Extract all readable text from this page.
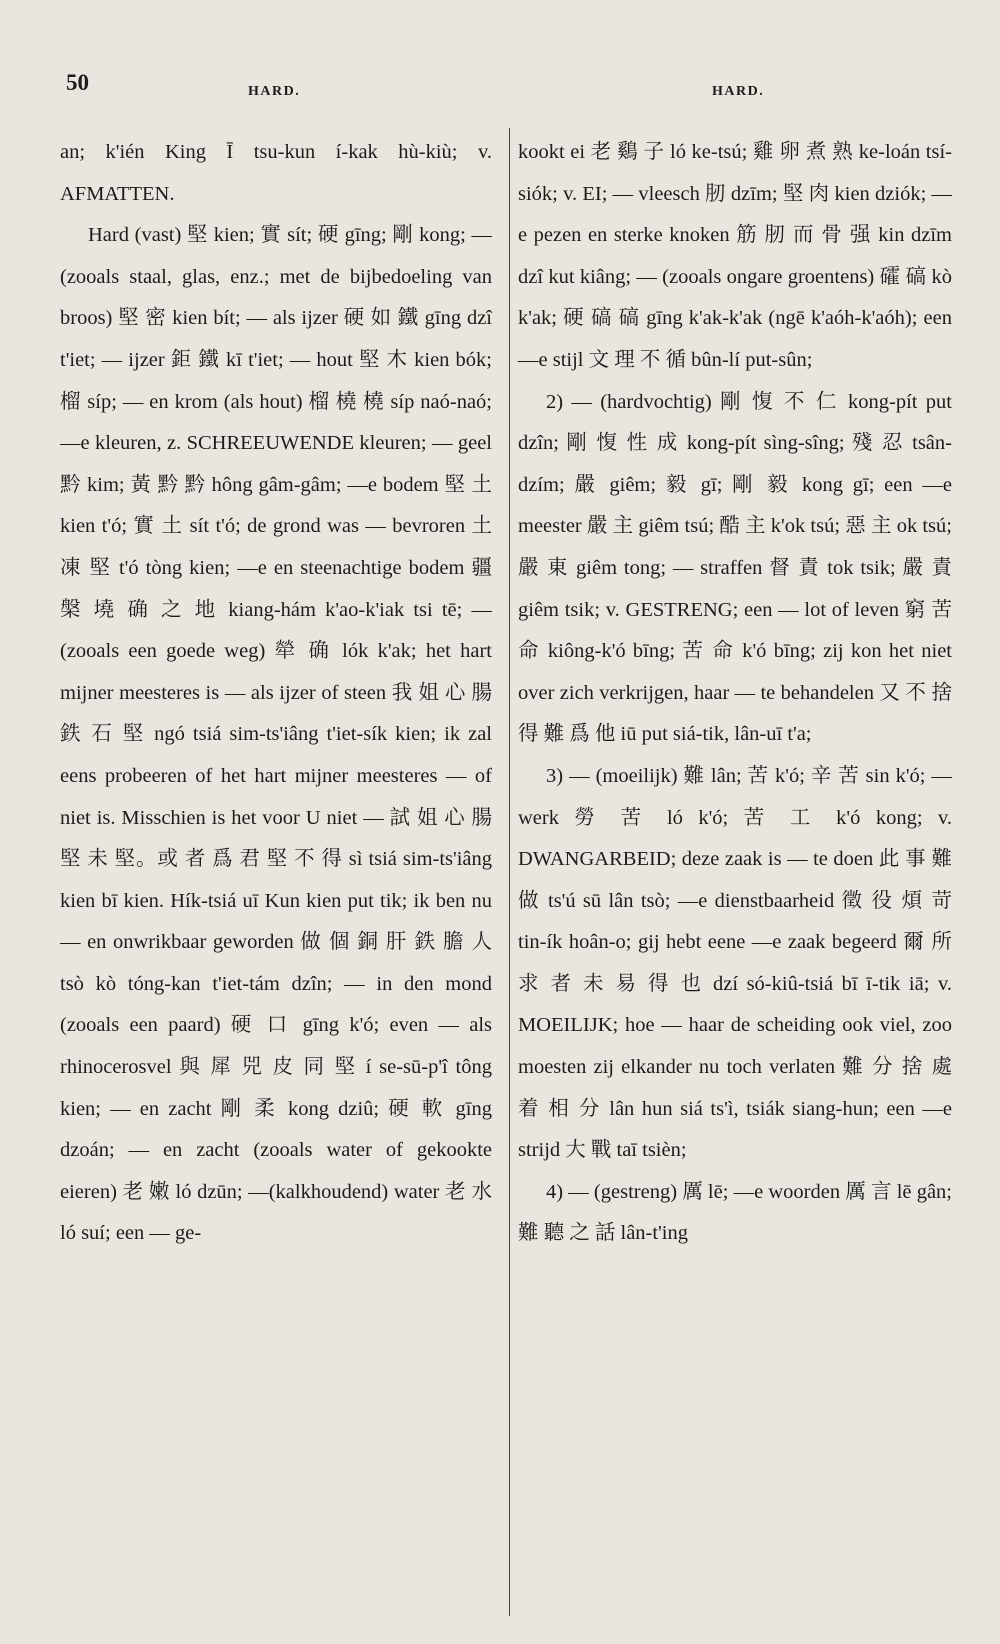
50	HARD.	HARD.

an; k'ién King Ī tsu-kun í-kak hù-kiù; v. AFMATTEN.

Hard (vast) 堅 kien; 實 sít; 硬 gīng; 剛 kong; — (zooals staal, glas, enz.; met de bijbedoeling van broos) 堅 密 kien bít; — als ijzer 硬 如 鐵 gīng dzî t'iet; — ijzer 鉅 鐵 kī t'iet; — hout 堅 木 kien bók; 榴 síp; — en krom (als hout) 榴 橈 橈 síp naó-naó; —e kleuren, z. SCHREEUWENDE kleuren; — geel 黔 kim; 黃 黔 黔 hông gâm-gâm; —e bodem 堅 土 kien t'ó; 實 土 sít t'ó; de grond was — bevroren 土 凍 堅 t'ó tòng kien; —e en steenachtige bodem 疆 槃 墝 确 之 地 kiang-hám k'ao-k'iak tsi tē; — (zooals een goede weg) 犖 确 lók k'ak; het hart mijner meesteres is — als ijzer of steen 我 姐 心 腸 鉄 石 堅 ngó tsiá sim-ts'iâng t'iet-sík kien; ik zal eens probeeren of het hart mijner meesteres — of niet is. Misschien is het voor U niet — 試 姐 心 腸 堅 未 堅。或 者 爲 君 堅 不 得 sì tsiá sim-ts'iâng kien bī kien. Hík-tsiá uī Kun kien put tik; ik ben nu — en onwrikbaar geworden 做 個 銅 肝 鉄 膽 人 tsò kò tóng-kan t'iet-tám dzîn; — in den mond (zooals een paard) 硬 口 gīng k'ó; even — als rhinocerosvel 與 犀 兕 皮 同 堅 í se-sū-p'î tông kien; — en zacht 剛 柔 kong dziû; 硬 軟 gīng dzoán; — en zacht (zooals water of gekookte eieren) 老 嫩 ló dzūn; —(kalkhoudend) water 老 水 ló suí; een — ge-

kookt ei 老 鷄 子 ló ke-tsú; 雞 卵 煮 熟 ke-loán tsí-siók; v. EI; — vleesch 肕 dzīm; 堅 肉 kien dziók; —e pezen en sterke knoken 筋 肕 而 骨 强 kin dzīm dzî kut kiâng; — (zooals ongare groentens) 礭 碻 kò k'ak; 硬 碻 碻 gīng k'ak-k'ak (ngē k'aóh-k'aóh); een —e stijl 文 理 不 循 bûn-lí put-sûn;

2) — (hardvochtig) 剛 愎 不 仁 kong-pít put dzîn; 剛 愎 性 成 kong-pít sìng-sîng; 殘 忍 tsân-dzím; 嚴 giêm; 毅 gī; 剛 毅 kong gī; een —e meester 嚴 主 giêm tsú; 酷 主 k'ok tsú; 惡 主 ok tsú; 嚴 東 giêm tong; — straffen 督 責 tok tsik; 嚴 責 giêm tsik; v. GESTRENG; een — lot of leven 窮 苦 命 kiông-k'ó bīng; 苦 命 k'ó bīng; zij kon het niet over zich verkrijgen, haar — te behandelen 又 不 捨 得 難 爲 他 iū put siá-tik, lân-uī t'a;

3) — (moeilijk) 難 lân; 苦 k'ó; 辛 苦 sin k'ó; — werk 勞 苦 ló k'ó; 苦 工 k'ó kong; v. DWANGARBEID; deze zaak is — te doen 此 事 難 做 ts'ú sū lân tsò; —e dienstbaarheid 徵 役 煩 苛 tin-ík hoân-o; gij hebt eene —e zaak begeerd 爾 所 求 者 未 易 得 也 dzí só-kiû-tsiá bī ī-tik iā; v. MOEILIJK; hoe — haar de scheiding ook viel, zoo moesten zij elkander nu toch verlaten 難 分 捨 處 着 相 分 lân hun siá ts'ì, tsiák siang-hun; een —e strijd 大 戰 taī tsièn;

4) — (gestreng) 厲 lē; —e woorden 厲 言 lē gân; 難 聽 之 話 lân-t'ing
